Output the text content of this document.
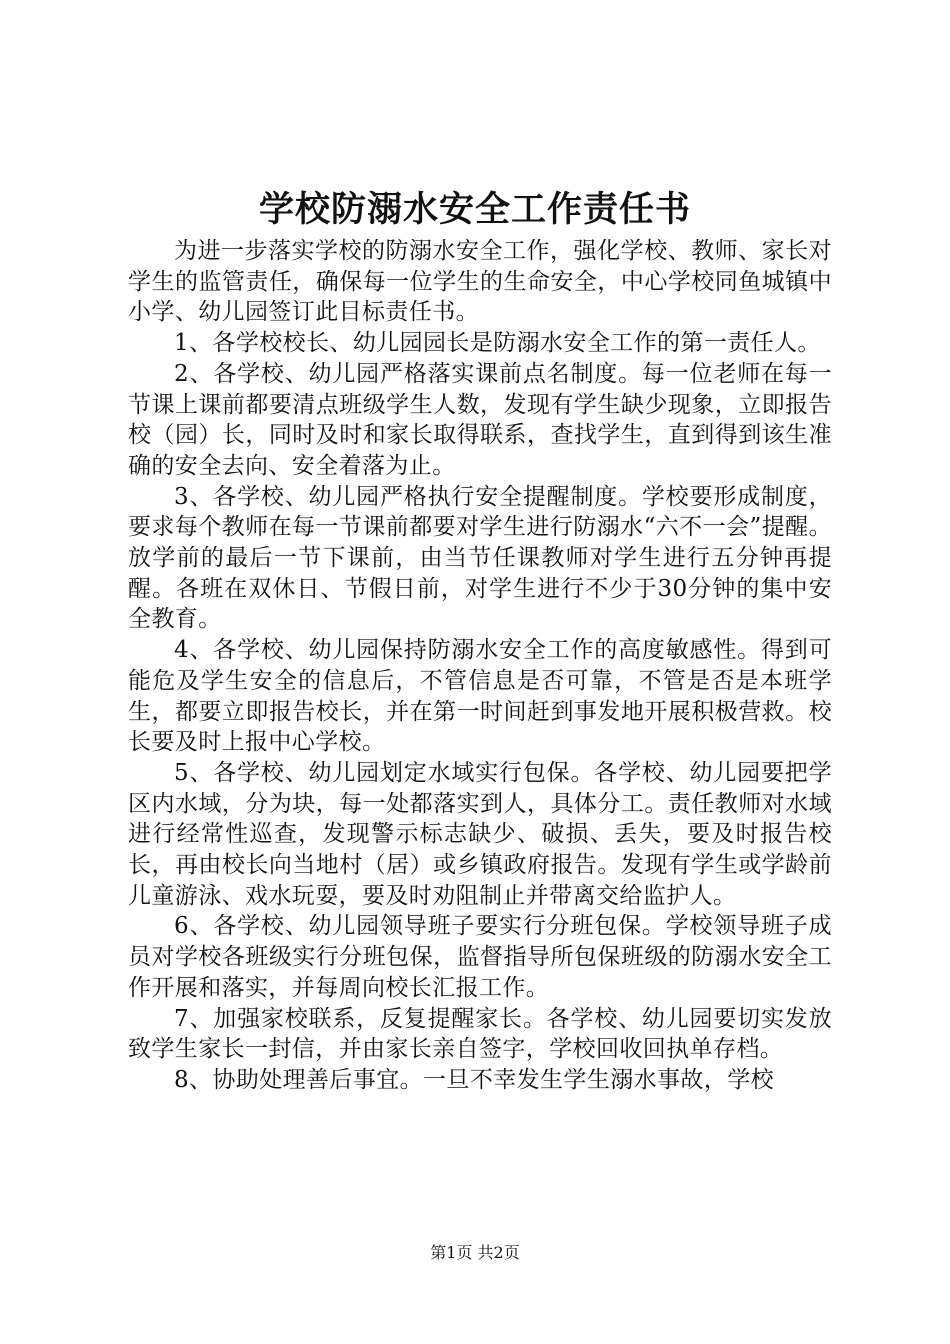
学校防溺水安全工作责任书

为进一步落实学校的防溺水安全工作，强化学校、教师、家长对学生的监管责任，确保每一位学生的生命安全，中心学校同鱼城镇中小学、幼儿园签订此目标责任书。

1、各学校校长、幼儿园园长是防溺水安全工作的第一责任人。

2、各学校、幼儿园严格落实课前点名制度。每一位老师在每一节课上课前都要清点班级学生人数，发现有学生缺少现象，立即报告校（园）长，同时及时和家长取得联系，查找学生，直到得到该生准确的安全去向、安全着落为止。

3、各学校、幼儿园严格执行安全提醒制度。学校要形成制度，要求每个教师在每一节课前都要对学生进行防溺水“六不一会”提醒。放学前的最后一节下课前，由当节任课教师对学生进行五分钟再提醒。各班在双休日、节假日前，对学生进行不少于30分钟的集中安全教育。

4、各学校、幼儿园保持防溺水安全工作的高度敏感性。得到可能危及学生安全的信息后，不管信息是否可靠，不管是否是本班学生，都要立即报告校长，并在第一时间赶到事发地开展积极营救。校长要及时上报中心学校。

5、各学校、幼儿园划定水域实行包保。各学校、幼儿园要把学区内水域，分为块，每一处都落实到人，具体分工。责任教师对水域进行经常性巡查，发现警示标志缺少、破损、丢失，要及时报告校长，再由校长向当地村（居）或乡镇政府报告。发现有学生或学龄前儿童游泳、戏水玩耍，要及时劝阻制止并带离交给监护人。

6、各学校、幼儿园领导班子要实行分班包保。学校领导班子成员对学校各班级实行分班包保，监督指导所包保班级的防溺水安全工作开展和落实，并每周向校长汇报工作。

7、加强家校联系，反复提醒家长。各学校、幼儿园要切实发放致学生家长一封信，并由家长亲自签字，学校回收回执单存档。

8、协助处理善后事宜。一旦不幸发生学生溺水事故，学校

第1页 共2页
